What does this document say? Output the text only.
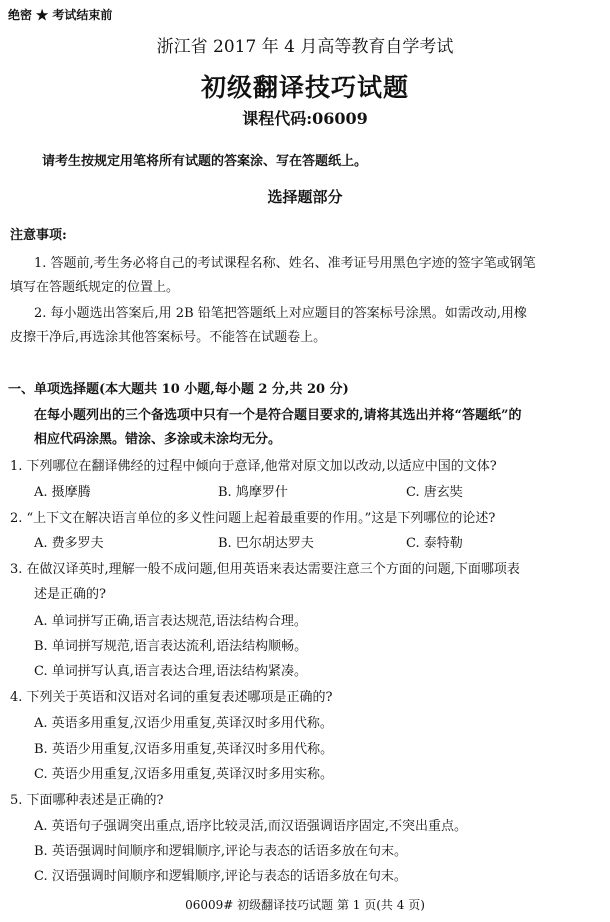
绝密 ★ 考试结束前
浙江省 2017 年 4 月高等教育自学考试
初级翻译技巧试题
课程代码:06009
请考生按规定用笔将所有试题的答案涂、写在答题纸上。
选择题部分
注意事项:
1. 答题前,考生务必将自己的考试课程名称、姓名、准考证号用黑色字迹的签字笔或钢笔
填写在答题纸规定的位置上。
2. 每小题选出答案后,用 2B 铅笔把答题纸上对应题目的答案标号涂黑。如需改动,用橡
皮擦干净后,再选涂其他答案标号。不能答在试题卷上。
一、单项选择题(本大题共 10 小题,每小题 2 分,共 20 分)
在每小题列出的三个备选项中只有一个是符合题目要求的,请将其选出并将“答题纸”的
相应代码涂黑。错涂、多涂或未涂均无分。
1. 下列哪位在翻译佛经的过程中倾向于意译,他常对原文加以改动,以适应中国的文体?
A. 摄摩腾	B. 鸠摩罗什	C. 唐玄奘
2. “上下文在解决语言单位的多义性问题上起着最重要的作用。”这是下列哪位的论述?
A. 费多罗夫	B. 巴尔胡达罗夫	C. 泰特勒
3. 在做汉译英时,理解一般不成问题,但用英语来表达需要注意三个方面的问题,下面哪项表
述是正确的?
A. 单词拼写正确,语言表达规范,语法结构合理。
B. 单词拼写规范,语言表达流利,语法结构顺畅。
C. 单词拼写认真,语言表达合理,语法结构紧凑。
4. 下列关于英语和汉语对名词的重复表述哪项是正确的?
A. 英语多用重复,汉语少用重复,英译汉时多用代称。
B. 英语少用重复,汉语多用重复,英译汉时多用代称。
C. 英语少用重复,汉语多用重复,英译汉时多用实称。
5. 下面哪种表述是正确的?
A. 英语句子强调突出重点,语序比较灵活,而汉语强调语序固定,不突出重点。
B. 英语强调时间顺序和逻辑顺序,评论与表态的话语多放在句末。
C. 汉语强调时间顺序和逻辑顺序,评论与表态的话语多放在句末。
06009# 初级翻译技巧试题 第 1 页(共 4 页)
